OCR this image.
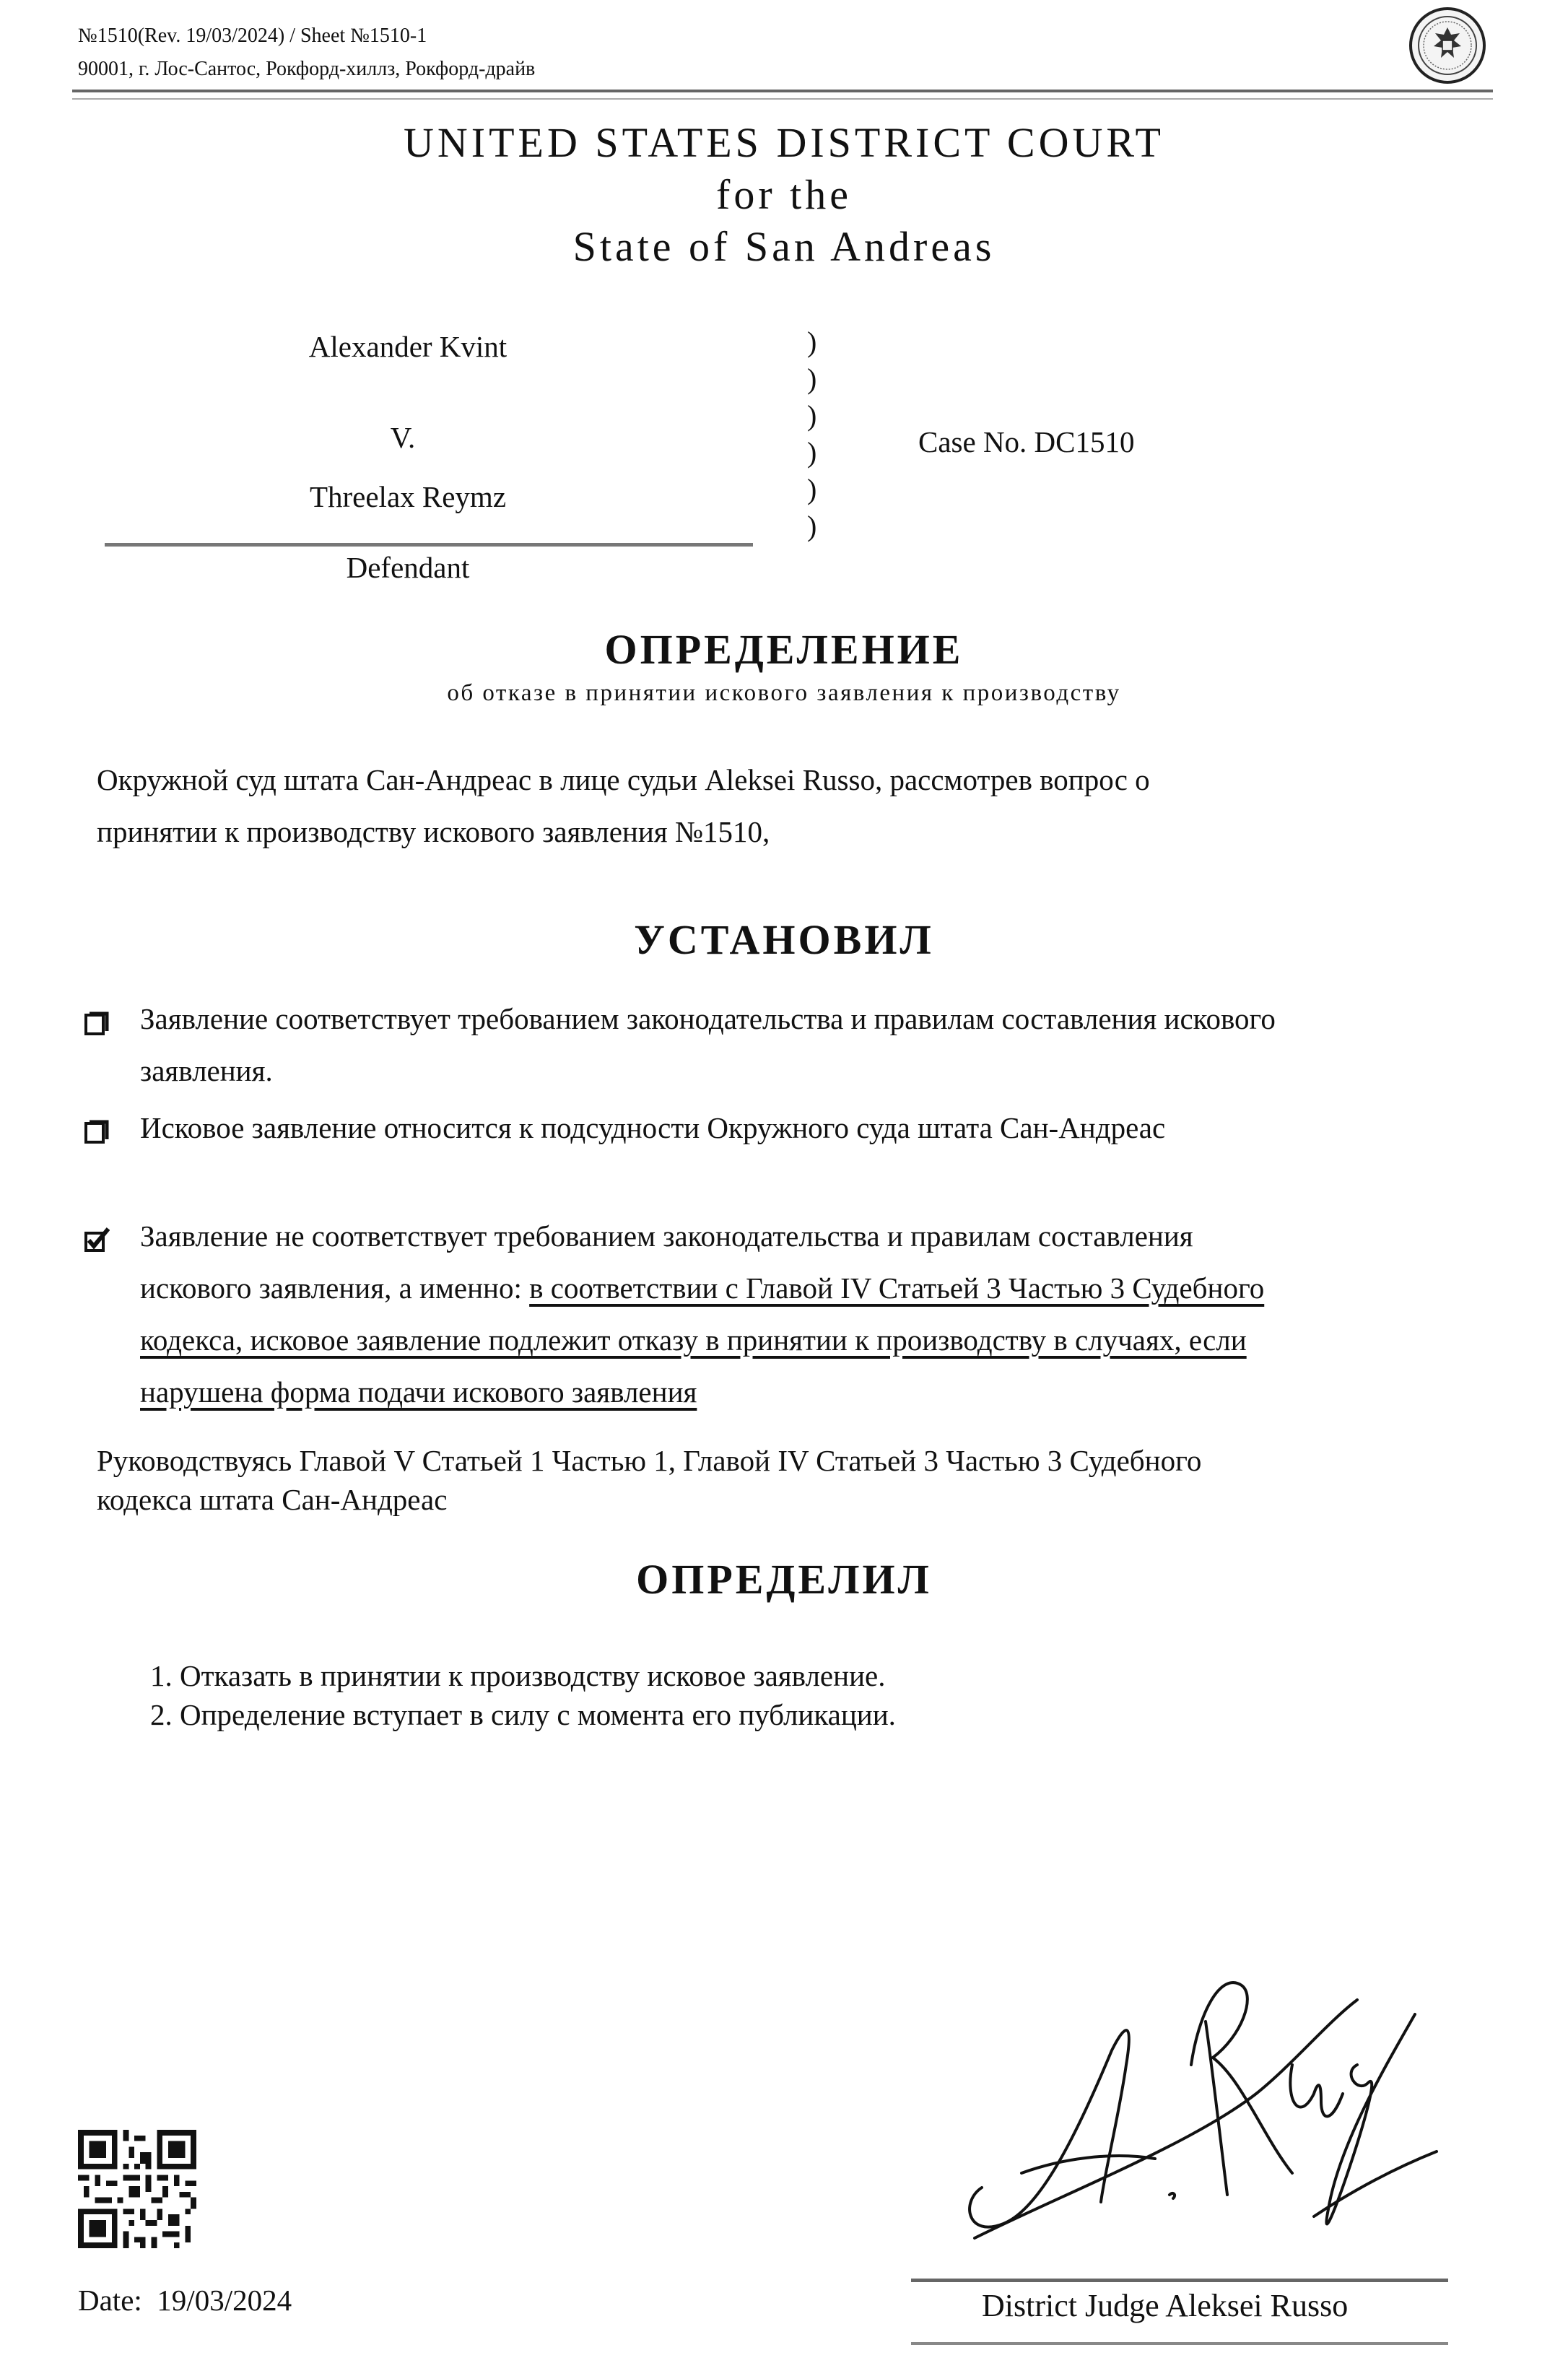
№1510(Rev. 19/03/2024) / Sheet №1510-1
90001, г. Лос-Сантос, Рокфорд-хиллз, Рокфорд-драйв
UNITED STATES DISTRICT COURT
for the
State of San Andreas
Alexander Kvint
V.
Threelax Reymz
Defendant
)
)
)
)
)
)
Case No. DC1510
ОПРЕДЕЛЕНИЕ
об отказе в принятии искового заявления к производству
Окружной суд штата Сан-Андреас в лице судьи Aleksei Russo, рассмотрев вопрос о
принятии к производству искового заявления №1510,
УСТАНОВИЛ
Заявление соответствует требованием законодательства и правилам составления искового
заявления.
Исковое заявление относится к подсудности Окружного суда штата Сан-Андреас
Заявление не соответствует требованием законодательства и правилам составления
искового заявления, а именно: в соответствии с Главой IV Статьей 3 Частью 3 Судебного
кодекса, исковое заявление подлежит отказу в принятии к производству в случаях, если
нарушена форма подачи искового заявления
Руководствуясь Главой V Статьей 1 Частью 1, Главой IV Статьей 3 Частью 3 Судебного
кодекса штата Сан-Андреас
ОПРЕДЕЛИЛ
1. Отказать в принятии к производству исковое заявление.
2. Определение вступает в силу с момента его публикации.
Date: 19/03/2024	District Judge Aleksei Russo
